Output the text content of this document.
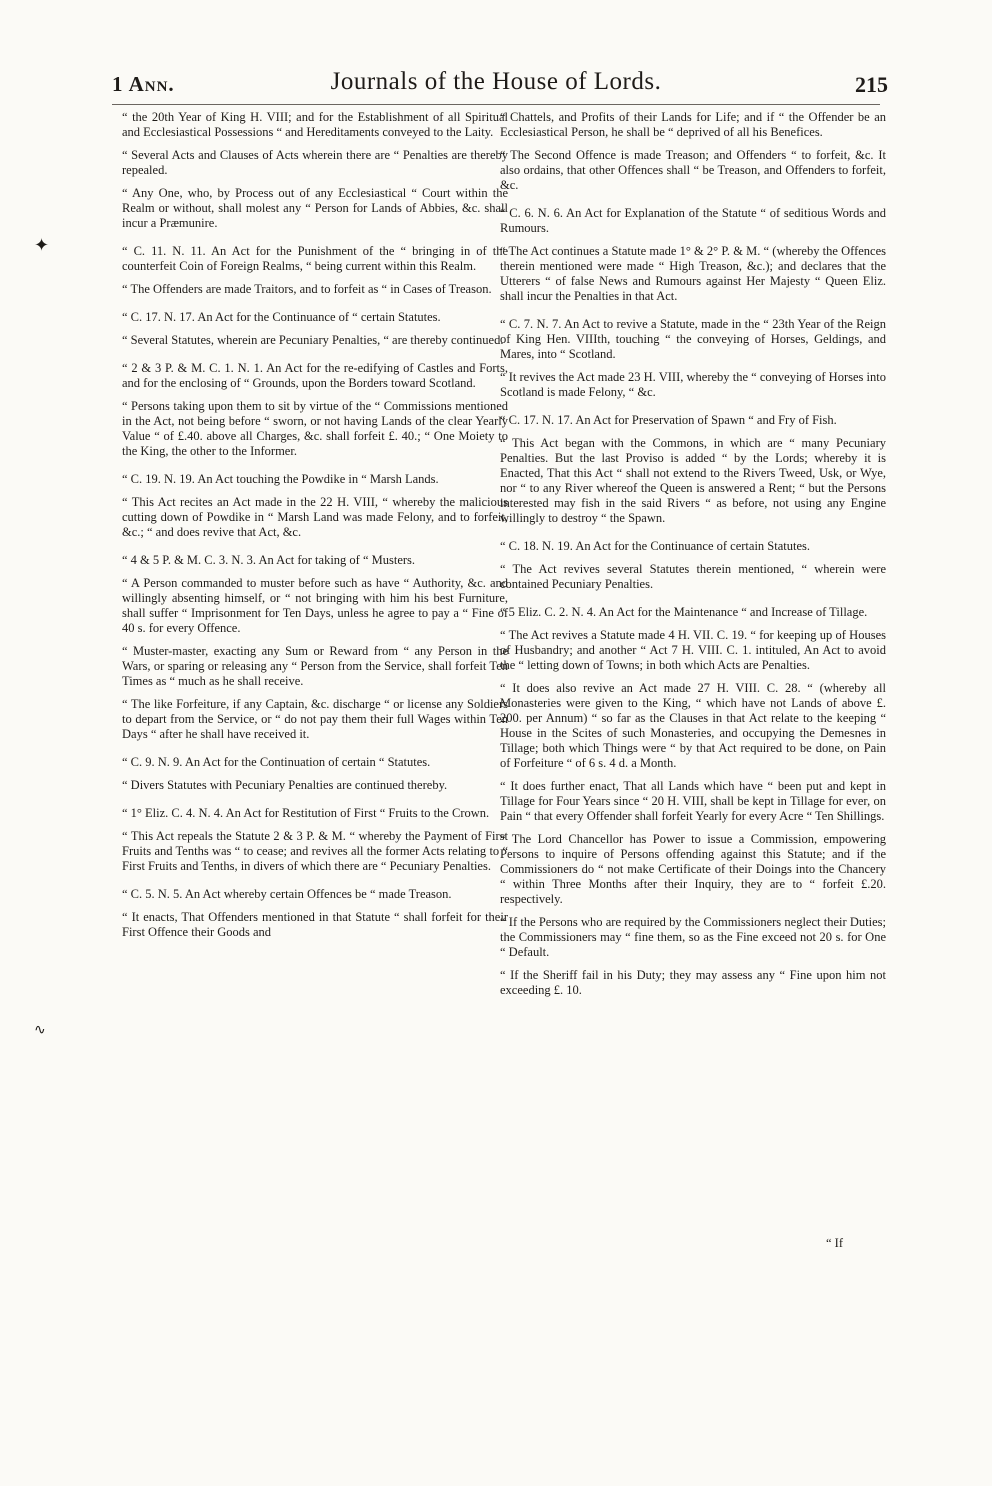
1 Ann.	Journals of the House of Lords.	215
✦
∿

“ the 20th Year of King H. VIII; and for the Establishment of all Spiritual and Ecclesiastical Possessions “ and Hereditaments conveyed to the Laity.

“ Several Acts and Clauses of Acts wherein there are “ Penalties are thereby repealed.

“ Any One, who, by Process out of any Ecclesiastical “ Court within the Realm or without, shall molest any “ Person for Lands of Abbies, &c. shall incur a Præmunire.

“ C. 11. N. 11. An Act for the Punishment of the “ bringing in of the counterfeit Coin of Foreign Realms, “ being current within this Realm.

“ The Offenders are made Traitors, and to forfeit as “ in Cases of Treason.

“ C. 17. N. 17. An Act for the Continuance of “ certain Statutes.

“ Several Statutes, wherein are Pecuniary Penalties, “ are thereby continued.

“ 2 & 3 P. & M. C. 1. N. 1. An Act for the re-edifying of Castles and Forts, and for the enclosing of “ Grounds, upon the Borders toward Scotland.

“ Persons taking upon them to sit by virtue of the “ Commissions mentioned in the Act, not being before “ sworn, or not having Lands of the clear Yearly Value “ of £.40. above all Charges, &c. shall forfeit £. 40.; “ One Moiety to the King, the other to the Informer.

“ C. 19. N. 19. An Act touching the Powdike in “ Marsh Lands.

“ This Act recites an Act made in the 22 H. VIII, “ whereby the malicious cutting down of Powdike in “ Marsh Land was made Felony, and to forfeit, &c.; “ and does revive that Act, &c.

“ 4 & 5 P. & M. C. 3. N. 3. An Act for taking of “ Musters.

“ A Person commanded to muster before such as have “ Authority, &c. and willingly absenting himself, or “ not bringing with him his best Furniture, shall suffer “ Imprisonment for Ten Days, unless he agree to pay a “ Fine of 40 s. for every Offence.

“ Muster-master, exacting any Sum or Reward from “ any Person in the Wars, or sparing or releasing any “ Person from the Service, shall forfeit Ten Times as “ much as he shall receive.

“ The like Forfeiture, if any Captain, &c. discharge “ or license any Soldiers to depart from the Service, or “ do not pay them their full Wages within Ten Days “ after he shall have received it.

“ C. 9. N. 9. An Act for the Continuation of certain “ Statutes.

“ Divers Statutes with Pecuniary Penalties are continued thereby.

“ 1° Eliz. C. 4. N. 4. An Act for Restitution of First “ Fruits to the Crown.

“ This Act repeals the Statute 2 & 3 P. & M. “ whereby the Payment of First Fruits and Tenths was “ to cease; and revives all the former Acts relating to “ First Fruits and Tenths, in divers of which there are “ Pecuniary Penalties.

“ C. 5. N. 5. An Act whereby certain Offences be “ made Treason.

“ It enacts, That Offenders mentioned in that Statute “ shall forfeit for their First Offence their Goods and

“ Chattels, and Profits of their Lands for Life; and if “ the Offender be an Ecclesiastical Person, he shall be “ deprived of all his Benefices.

“ The Second Offence is made Treason; and Offenders “ to forfeit, &c. It also ordains, that other Offences shall “ be Treason, and Offenders to forfeit, &c.

“ C. 6. N. 6. An Act for Explanation of the Statute “ of seditious Words and Rumours.

“ The Act continues a Statute made 1° & 2° P. & M. “ (whereby the Offences therein mentioned were made “ High Treason, &c.); and declares that the Utterers “ of false News and Rumours against Her Majesty “ Queen Eliz. shall incur the Penalties in that Act.

“ C. 7. N. 7. An Act to revive a Statute, made in the “ 23th Year of the Reign of King Hen. VIIIth, touching “ the conveying of Horses, Geldings, and Mares, into “ Scotland.

“ It revives the Act made 23 H. VIII, whereby the “ conveying of Horses into Scotland is made Felony, “ &c.

“ C. 17. N. 17. An Act for Preservation of Spawn “ and Fry of Fish.

“ This Act began with the Commons, in which are “ many Pecuniary Penalties. But the last Proviso is added “ by the Lords; whereby it is Enacted, That this Act “ shall not extend to the Rivers Tweed, Usk, or Wye, nor “ to any River whereof the Queen is answered a Rent; “ but the Persons interested may fish in the said Rivers “ as before, not using any Engine willingly to destroy “ the Spawn.

“ C. 18. N. 19. An Act for the Continuance of certain Statutes.

“ The Act revives several Statutes therein mentioned, “ wherein were contained Pecuniary Penalties.

“ 5 Eliz. C. 2. N. 4. An Act for the Maintenance “ and Increase of Tillage.

“ The Act revives a Statute made 4 H. VII. C. 19. “ for keeping up of Houses of Husbandry; and another “ Act 7 H. VIII. C. 1. intituled, An Act to avoid the “ letting down of Towns; in both which Acts are Penalties.

“ It does also revive an Act made 27 H. VIII. C. 28. “ (whereby all Monasteries were given to the King, “ which have not Lands of above £. 200. per Annum) “ so far as the Clauses in that Act relate to the keeping “ House in the Scites of such Monasteries, and occupying the Demesnes in Tillage; both which Things were “ by that Act required to be done, on Pain of Forfeiture “ of 6 s. 4 d. a Month.

“ It does further enact, That all Lands which have “ been put and kept in Tillage for Four Years since “ 20 H. VIII, shall be kept in Tillage for ever, on Pain “ that every Offender shall forfeit Yearly for every Acre “ Ten Shillings.

“ The Lord Chancellor has Power to issue a Commission, empowering Persons to inquire of Persons offending against this Statute; and if the Commissioners do “ not make Certificate of their Doings into the Chancery “ within Three Months after their Inquiry, they are to “ forfeit £.20. respectively.

“ If the Persons who are required by the Commissioners neglect their Duties; the Commissioners may “ fine them, so as the Fine exceed not 20 s. for One “ Default.

“ If the Sheriff fail in his Duty; they may assess any “ Fine upon him not exceeding £. 10.

“ If
